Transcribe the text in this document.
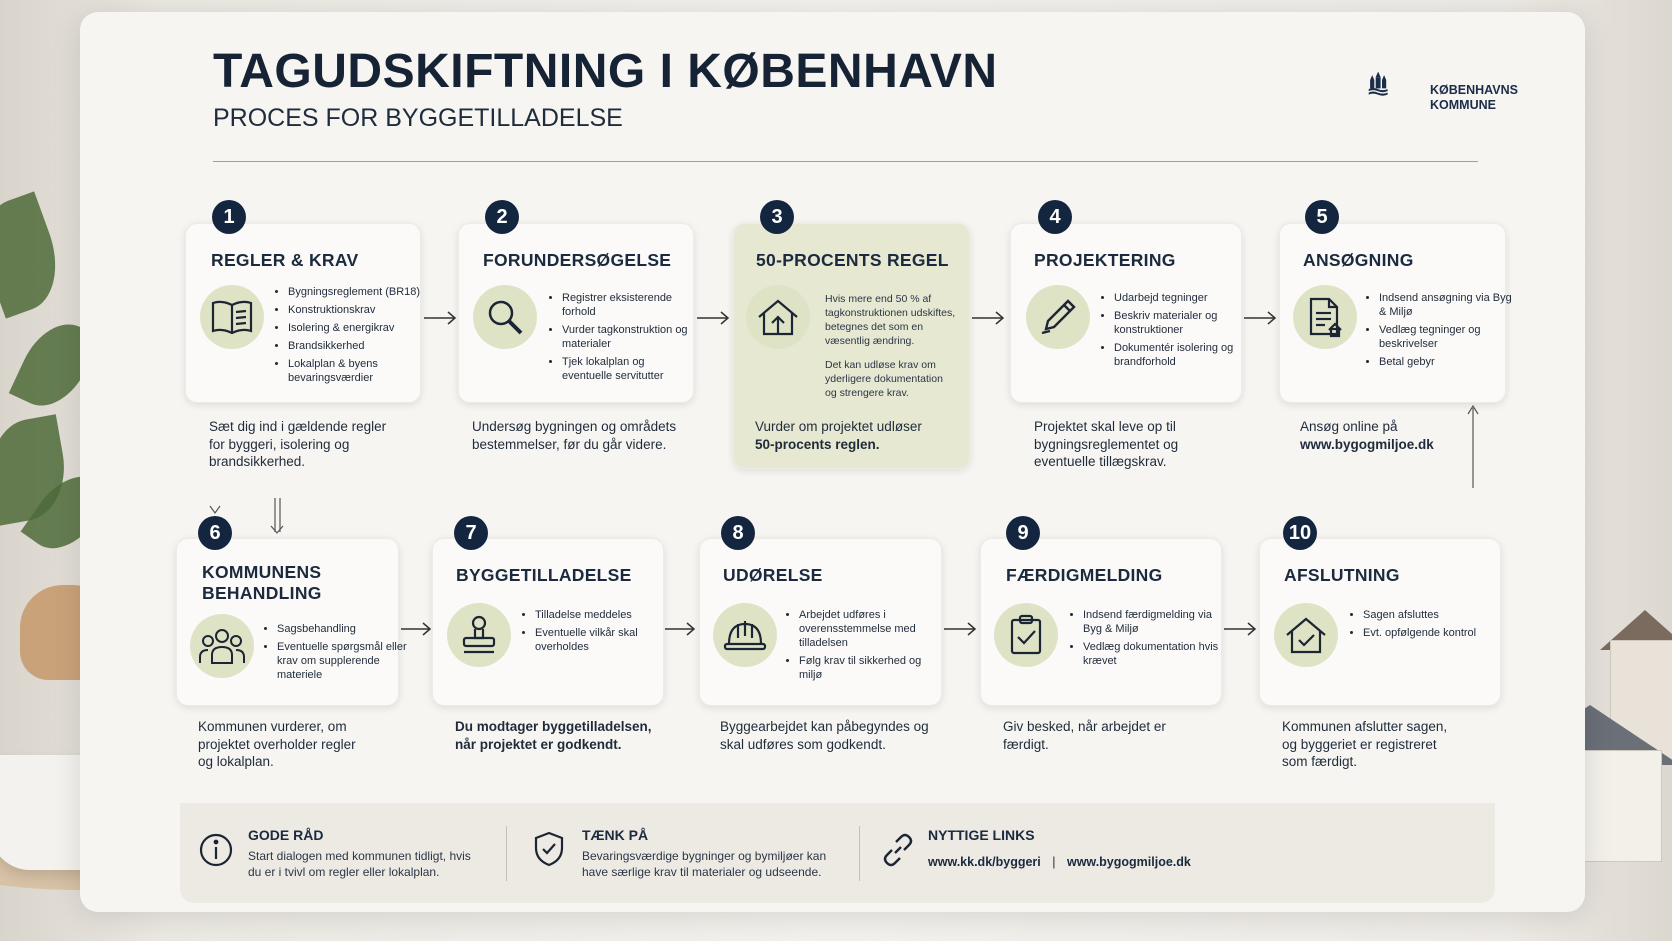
TAGUDSKIFTNING I KØBENHAVN
PROCES FOR BYGGETILLADELSE
KØBENHAVNS
KOMMUNE
1
REGLER & KRAV
• Bygningsreglement (BR18)
• Konstruktionskrav
• Isolering & energikrav
• Brandsikkerhed
• Lokalplan & byens bevaringsværdier
Sæt dig ind i gældende regler for byggeri, isolering og brandsikkerhed.
2
FORUNDERSØGELSE
• Registrer eksisterende forhold
• Vurder tagkonstruktion og materialer
• Tjek lokalplan og eventuelle servitutter
Undersøg bygningen og områdets bestemmelser, før du går videre.
3
50-PROCENTS REGEL
Hvis mere end 50 % af tagkonstruktionen udskiftes, betegnes det som en væsentlig ændring.
Det kan udløse krav om yderligere dokumentation og strengere krav.
Vurder om projektet udløser
50-procents reglen.
4
PROJEKTERING
• Udarbejd tegninger
• Beskriv materialer og konstruktioner
• Dokumentér isolering og brandforhold
Projektet skal leve op til bygningsreglementet og eventuelle tillægskrav.
5
ANSØGNING
• Indsend ansøgning via Byg & Miljø
• Vedlæg tegninger og beskrivelser
• Betal gebyr
Ansøg online på
www.bygogmiljoe.dk
6
KOMMUNENS BEHANDLING
• Sagsbehandling
• Eventuelle spørgsmål eller krav om supplerende materiele
Kommunen vurderer, om projektet overholder regler og lokalplan.
7
BYGGETILLADELSE
• Tilladelse meddeles
• Eventuelle vilkår skal overholdes
Du modtager byggetilladelsen, når projektet er godkendt.
8
UDØRELSE
• Arbejdet udføres i overensstemmelse med tilladelsen
• Følg krav til sikkerhed og miljø
Byggearbejdet kan påbegyndes og skal udføres som godkendt.
9
FÆRDIGMELDING
• Indsend færdigmelding via Byg & Miljø
• Vedlæg dokumentation hvis krævet
Giv besked, når arbejdet er færdigt.
10
AFSLUTNING
• Sagen afsluttes
• Evt. opfølgende kontrol
Kommunen afslutter sagen, og byggeriet er registreret som færdigt.
GODE RÅD
Start dialogen med kommunen tidligt, hvis du er i tvivl om regler eller lokalplan.
TÆNK PÅ
Bevaringsværdige bygninger og bymiljøer kan have særlige krav til materialer og udseende.
NYTTIGE LINKS
www.kk.dk/byggeri | www.bygogmiljoe.dk
